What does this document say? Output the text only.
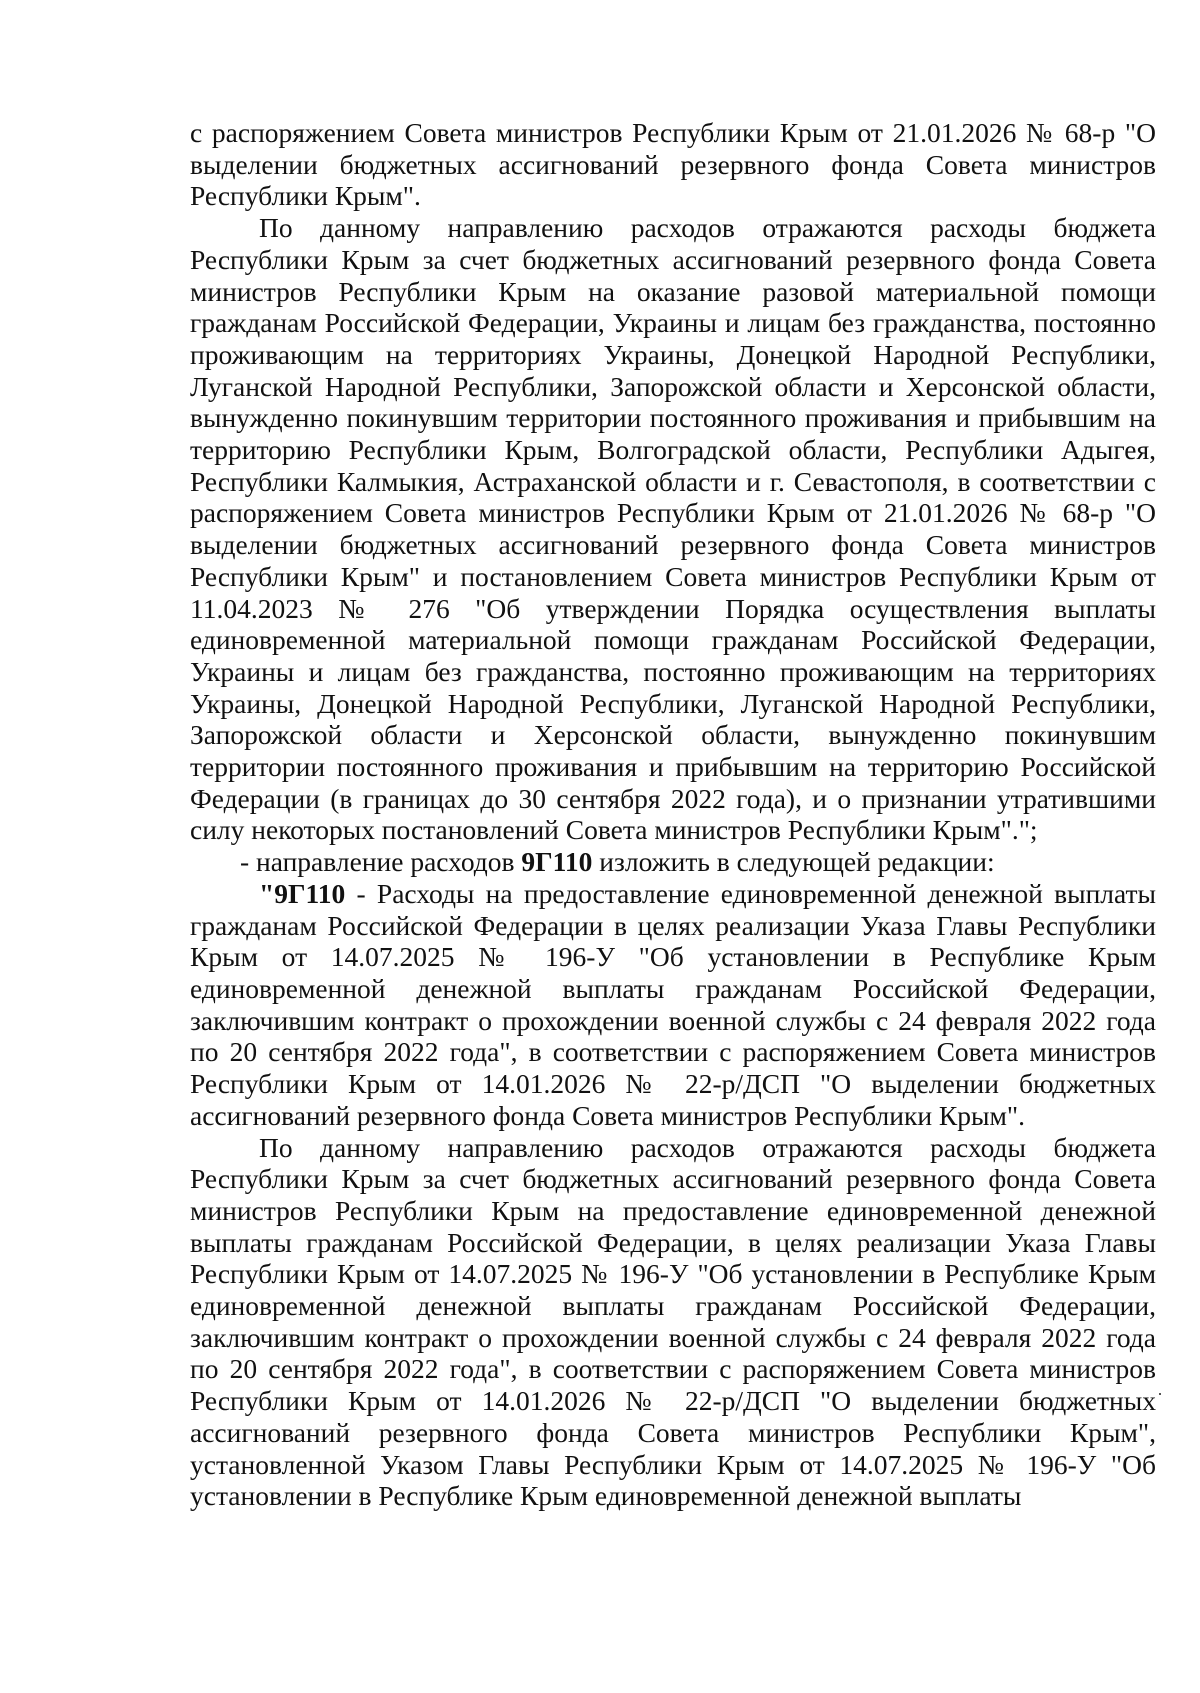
с распоряжением Совета министров Республики Крым от 21.01.2026 № 68-р "О выделении бюджетных ассигнований резервного фонда Совета министров Республики Крым".

По данному направлению расходов отражаются расходы бюджета Республики Крым за счет бюджетных ассигнований резервного фонда Совета министров Республики Крым на оказание разовой материальной помощи гражданам Российской Федерации, Украины и лицам без гражданства, постоянно проживающим на территориях Украины, Донецкой Народной Республики, Луганской Народной Республики, Запорожской области и Херсонской области, вынужденно покинувшим территории постоянного проживания и прибывшим на территорию Республики Крым, Волгоградской области, Республики Адыгея, Республики Калмыкия, Астраханской области и г. Севастополя, в соответствии с распоряжением Совета министров Республики Крым от 21.01.2026 № 68-р "О выделении бюджетных ассигнований резервного фонда Совета министров Республики Крым" и постановлением Совета министров Республики Крым от 11.04.2023 № 276 "Об утверждении Порядка осуществления выплаты единовременной материальной помощи гражданам Российской Федерации, Украины и лицам без гражданства, постоянно проживающим на территориях Украины, Донецкой Народной Республики, Луганской Народной Республики, Запорожской области и Херсонской области, вынужденно покинувшим территории постоянного проживания и прибывшим на территорию Российской Федерации (в границах до 30 сентября 2022 года), и о признании утратившими силу некоторых постановлений Совета министров Республики Крым".";

- направление расходов 9Г110 изложить в следующей редакции:

"9Г110 - Расходы на предоставление единовременной денежной выплаты гражданам Российской Федерации в целях реализации Указа Главы Республики Крым от 14.07.2025 № 196-У "Об установлении в Республике Крым единовременной денежной выплаты гражданам Российской Федерации, заключившим контракт о прохождении военной службы с 24 февраля 2022 года по 20 сентября 2022 года", в соответствии с распоряжением Совета министров Республики Крым от 14.01.2026 № 22-р/ДСП "О выделении бюджетных ассигнований резервного фонда Совета министров Республики Крым".

По данному направлению расходов отражаются расходы бюджета Республики Крым за счет бюджетных ассигнований резервного фонда Совета министров Республики Крым на предоставление единовременной денежной выплаты гражданам Российской Федерации, в целях реализации Указа Главы Республики Крым от 14.07.2025 № 196-У "Об установлении в Республике Крым единовременной денежной выплаты гражданам Российской Федерации, заключившим контракт о прохождении военной службы с 24 февраля 2022 года по 20 сентября 2022 года", в соответствии с распоряжением Совета министров Республики Крым от 14.01.2026 № 22-р/ДСП "О выделении бюджетных ассигнований резервного фонда Совета министров Республики Крым", установленной Указом Главы Республики Крым от 14.07.2025 № 196-У "Об установлении в Республике Крым единовременной денежной выплаты
